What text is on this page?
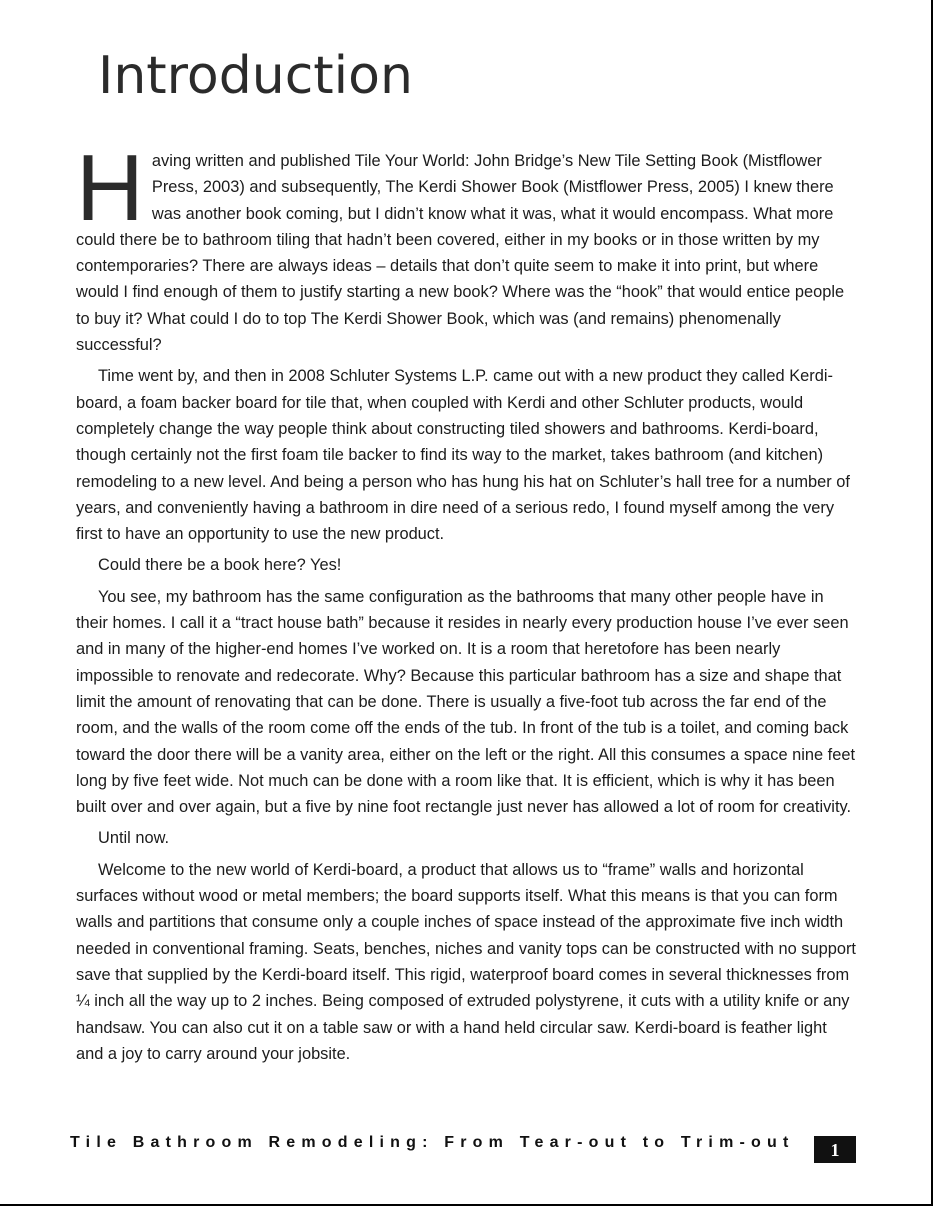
Introduction

Having written and published Tile Your World: John Bridge’s New Tile Setting Book (Mistflower Press, 2003) and subsequently, The Kerdi Shower Book (Mistflower Press, 2005) I knew there was another book coming, but I didn’t know what it was, what it would encompass. What more could there be to bathroom tiling that hadn’t been covered, either in my books or in those written by my contemporaries? There are always ideas – details that don’t quite seem to make it into print, but where would I find enough of them to justify starting a new book? Where was the “hook” that would entice people to buy it? What could I do to top The Kerdi Shower Book, which was (and remains) phenomenally successful?

Time went by, and then in 2008 Schluter Systems L.P. came out with a new product they called Kerdi-board, a foam backer board for tile that, when coupled with Kerdi and other Schluter products, would completely change the way people think about constructing tiled showers and bathrooms. Kerdi-board, though certainly not the first foam tile backer to find its way to the market, takes bathroom (and kitchen) remodeling to a new level. And being a person who has hung his hat on Schluter’s hall tree for a number of years, and conveniently having a bathroom in dire need of a serious redo, I found myself among the very first to have an opportunity to use the new product.

Could there be a book here? Yes!

You see, my bathroom has the same configuration as the bathrooms that many other people have in their homes. I call it a “tract house bath” because it resides in nearly every production house I’ve ever seen and in many of the higher-end homes I’ve worked on. It is a room that heretofore has been nearly impossible to renovate and redecorate. Why? Because this particular bathroom has a size and shape that limit the amount of renovating that can be done. There is usually a five-foot tub across the far end of the room, and the walls of the room come off the ends of the tub. In front of the tub is a toilet, and coming back toward the door there will be a vanity area, either on the left or the right. All this consumes a space nine feet long by five feet wide. Not much can be done with a room like that. It is efficient, which is why it has been built over and over again, but a five by nine foot rectangle just never has allowed a lot of room for creativity.

Until now.

Welcome to the new world of Kerdi-board, a product that allows us to “frame” walls and horizontal surfaces without wood or metal members; the board supports itself. What this means is that you can form walls and partitions that consume only a couple inches of space instead of the approximate five inch width needed in conventional framing. Seats, benches, niches and vanity tops can be constructed with no support save that supplied by the Kerdi-board itself. This rigid, waterproof board comes in several thicknesses from ¼ inch all the way up to 2 inches. Being composed of extruded polystyrene, it cuts with a utility knife or any handsaw. You can also cut it on a table saw or with a hand held circular saw. Kerdi-board is feather light and a joy to carry around your jobsite.

Tile Bathroom Remodeling: From Tear-out to Trim-out	1
